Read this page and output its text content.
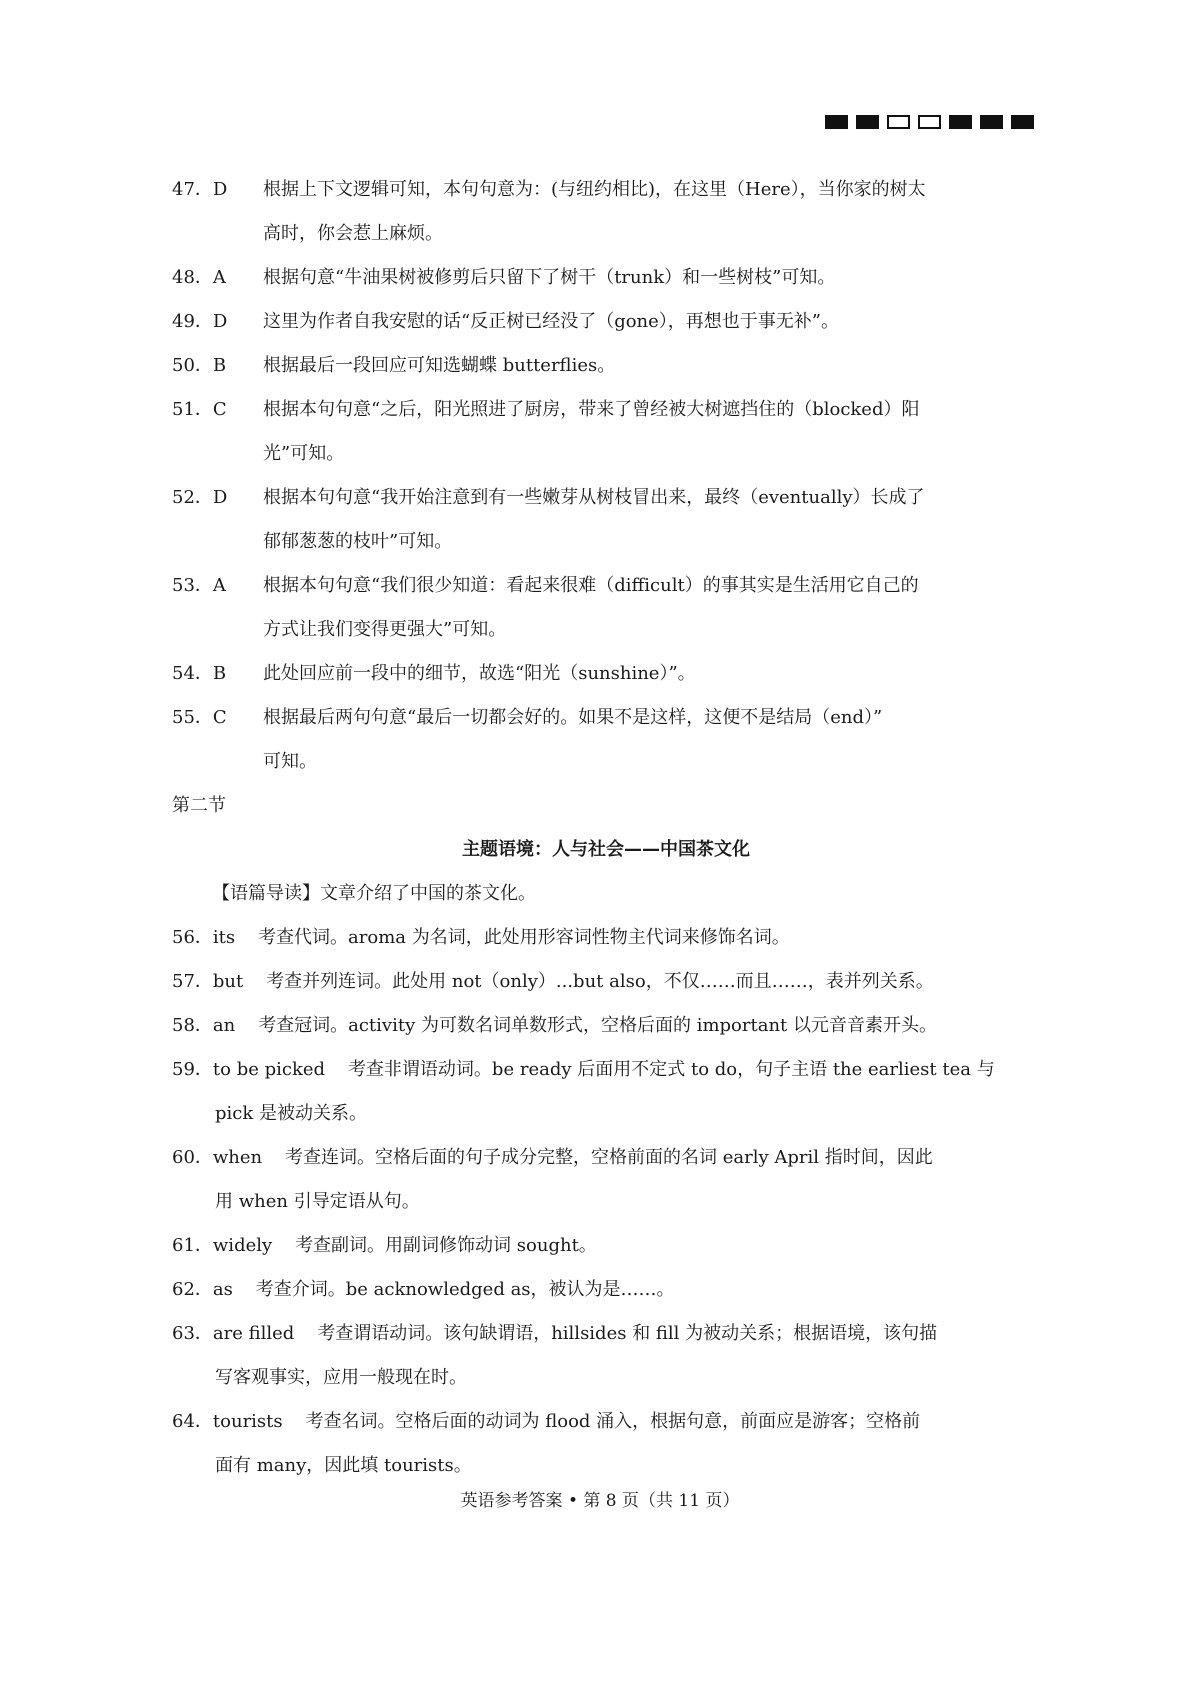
47．D	根据上下文逻辑可知，本句句意为：(与纽约相比)，在这里（Here），当你家的树太
高时，你会惹上麻烦。
48．A	根据句意“牛油果树被修剪后只留下了树干（trunk）和一些树枝”可知。
49．D	这里为作者自我安慰的话“反正树已经没了（gone），再想也于事无补”。
50．B	根据最后一段回应可知选蝴蝶 butterflies。
51．C	根据本句句意“之后，阳光照进了厨房，带来了曾经被大树遮挡住的（blocked）阳
光”可知。
52．D	根据本句句意“我开始注意到有一些嫩芽从树枝冒出来，最终（eventually）长成了
郁郁葱葱的枝叶”可知。
53．A	根据本句句意“我们很少知道：看起来很难（difficult）的事其实是生活用它自己的
方式让我们变得更强大”可知。
54．B	此处回应前一段中的细节，故选“阳光（sunshine）”。
55．C	根据最后两句句意“最后一切都会好的。如果不是这样，这便不是结局（end）”
可知。
第二节
主题语境：人与社会——中国茶文化
【语篇导读】文章介绍了中国的茶文化。
56．its 考查代词。aroma 为名词，此处用形容词性物主代词来修饰名词。
57．but 考查并列连词。此处用 not（only）...but also，不仅……而且……，表并列关系。
58．an 考查冠词。activity 为可数名词单数形式，空格后面的 important 以元音音素开头。
59．to be picked 考查非谓语动词。be ready 后面用不定式 to do，句子主语 the earliest tea 与
pick 是被动关系。
60．when 考查连词。空格后面的句子成分完整，空格前面的名词 early April 指时间，因此
用 when 引导定语从句。
61．widely 考查副词。用副词修饰动词 sought。
62．as 考查介词。be acknowledged as，被认为是……。
63．are filled 考查谓语动词。该句缺谓语，hillsides 和 fill 为被动关系；根据语境，该句描
写客观事实，应用一般现在时。
64．tourists 考查名词。空格后面的动词为 flood 涌入，根据句意，前面应是游客；空格前
面有 many，因此填 tourists。
英语参考答案 • 第 8 页（共 11 页）
